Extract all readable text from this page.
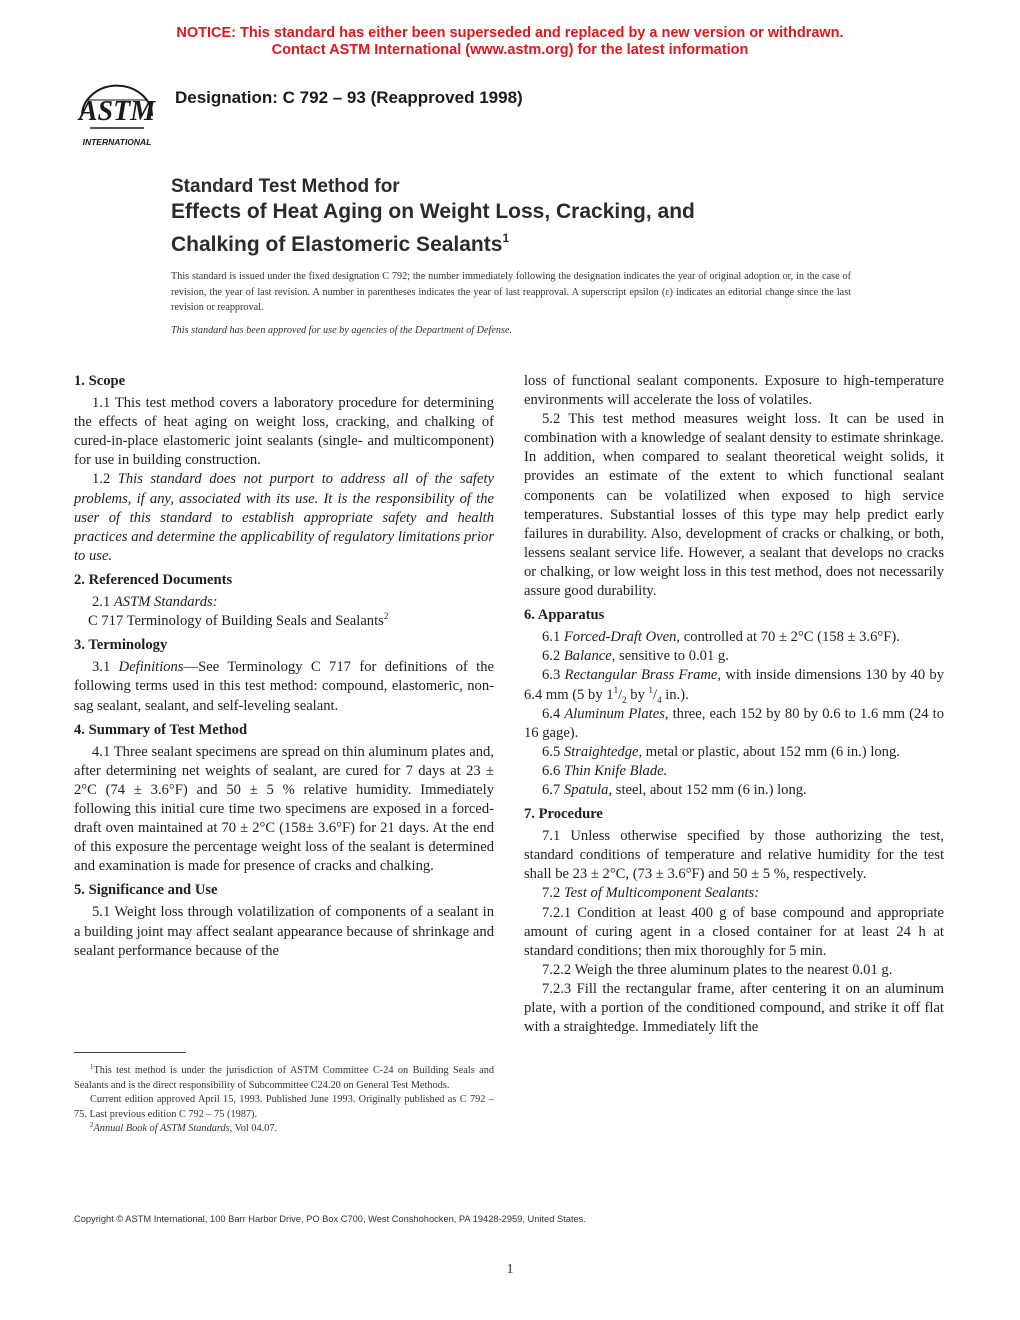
NOTICE: This standard has either been superseded and replaced by a new version or withdrawn.
Contact ASTM International (www.astm.org) for the latest information
ASTM
INTERNATIONAL
Designation: C 792 – 93 (Reapproved 1998)
Standard Test Method for
Effects of Heat Aging on Weight Loss, Cracking, and
Chalking of Elastomeric Sealants$^1$
This standard is issued under the fixed designation C 792; the number immediately following the designation indicates the year of original adoption or, in the case of revision, the year of last revision. A number in parentheses indicates the year of last reapproval. A superscript epsilon (ε) indicates an editorial change since the last revision or reapproval.
This standard has been approved for use by agencies of the Department of Defense.
1. Scope

1.1 This test method covers a laboratory procedure for determining the effects of heat aging on weight loss, cracking, and chalking of cured-in-place elastomeric joint sealants (single- and multicomponent) for use in building construction.

1.2 This standard does not purport to address all of the safety problems, if any, associated with its use. It is the responsibility of the user of this standard to establish appropriate safety and health practices and determine the applicability of regulatory limitations prior to use.

2. Referenced Documents

2.1 ASTM Standards:

C 717 Terminology of Building Seals and Sealants$^2$

3. Terminology

3.1 Definitions—See Terminology C 717 for definitions of the following terms used in this test method: compound, elastomeric, non-sag sealant, sealant, and self-leveling sealant.

4. Summary of Test Method

4.1 Three sealant specimens are spread on thin aluminum plates and, after determining net weights of sealant, are cured for 7 days at 23 ± 2°C (74 ± 3.6°F) and 50 ± 5 % relative humidity. Immediately following this initial cure time two specimens are exposed in a forced-draft oven maintained at 70 ± 2°C (158± 3.6°F) for 21 days. At the end of this exposure the percentage weight loss of the sealant is determined and examination is made for presence of cracks and chalking.

5. Significance and Use

5.1 Weight loss through volatilization of components of a sealant in a building joint may affect sealant appearance because of shrinkage and sealant performance because of the

loss of functional sealant components. Exposure to high-temperature environments will accelerate the loss of volatiles.

5.2 This test method measures weight loss. It can be used in combination with a knowledge of sealant density to estimate shrinkage. In addition, when compared to sealant theoretical weight solids, it provides an estimate of the extent to which functional sealant components can be volatilized when exposed to high service temperatures. Substantial losses of this type may help predict early failures in durability. Also, development of cracks or chalking, or both, lessens sealant service life. However, a sealant that develops no cracks or chalking, or low weight loss in this test method, does not necessarily assure good durability.

6. Apparatus

6.1 Forced-Draft Oven, controlled at 70 ± 2°C (158 ± 3.6°F).

6.2 Balance, sensitive to 0.01 g.

6.3 Rectangular Brass Frame, with inside dimensions 130 by 40 by 6.4 mm (5 by $1^1/_2$ by $^1/_4$ in.).

6.4 Aluminum Plates, three, each 152 by 80 by 0.6 to 1.6 mm (24 to 16 gage).

6.5 Straightedge, metal or plastic, about 152 mm (6 in.) long.

6.6 Thin Knife Blade.

6.7 Spatula, steel, about 152 mm (6 in.) long.

7. Procedure

7.1 Unless otherwise specified by those authorizing the test, standard conditions of temperature and relative humidity for the test shall be 23 ± 2°C, (73 ± 3.6°F) and 50 ± 5 %, respectively.

7.2 Test of Multicomponent Sealants:

7.2.1 Condition at least 400 g of base compound and appropriate amount of curing agent in a closed container for at least 24 h at standard conditions; then mix thoroughly for 5 min.

7.2.2 Weigh the three aluminum plates to the nearest 0.01 g.

7.2.3 Fill the rectangular frame, after centering it on an aluminum plate, with a portion of the conditioned compound, and strike it off flat with a straightedge. Immediately lift the

$^1$This test method is under the jurisdiction of ASTM Committee C-24 on Building Seals and Sealants and is the direct responsibility of Subcommittee C24.20 on General Test Methods.

Current edition approved April 15, 1993. Published June 1993. Originally published as C 792 – 75. Last previous edition C 792 – 75 (1987).

$^2$Annual Book of ASTM Standards, Vol 04.07.

Copyright © ASTM International, 100 Barr Harbor Drive, PO Box C700, West Conshohocken, PA 19428-2959, United States.
1
